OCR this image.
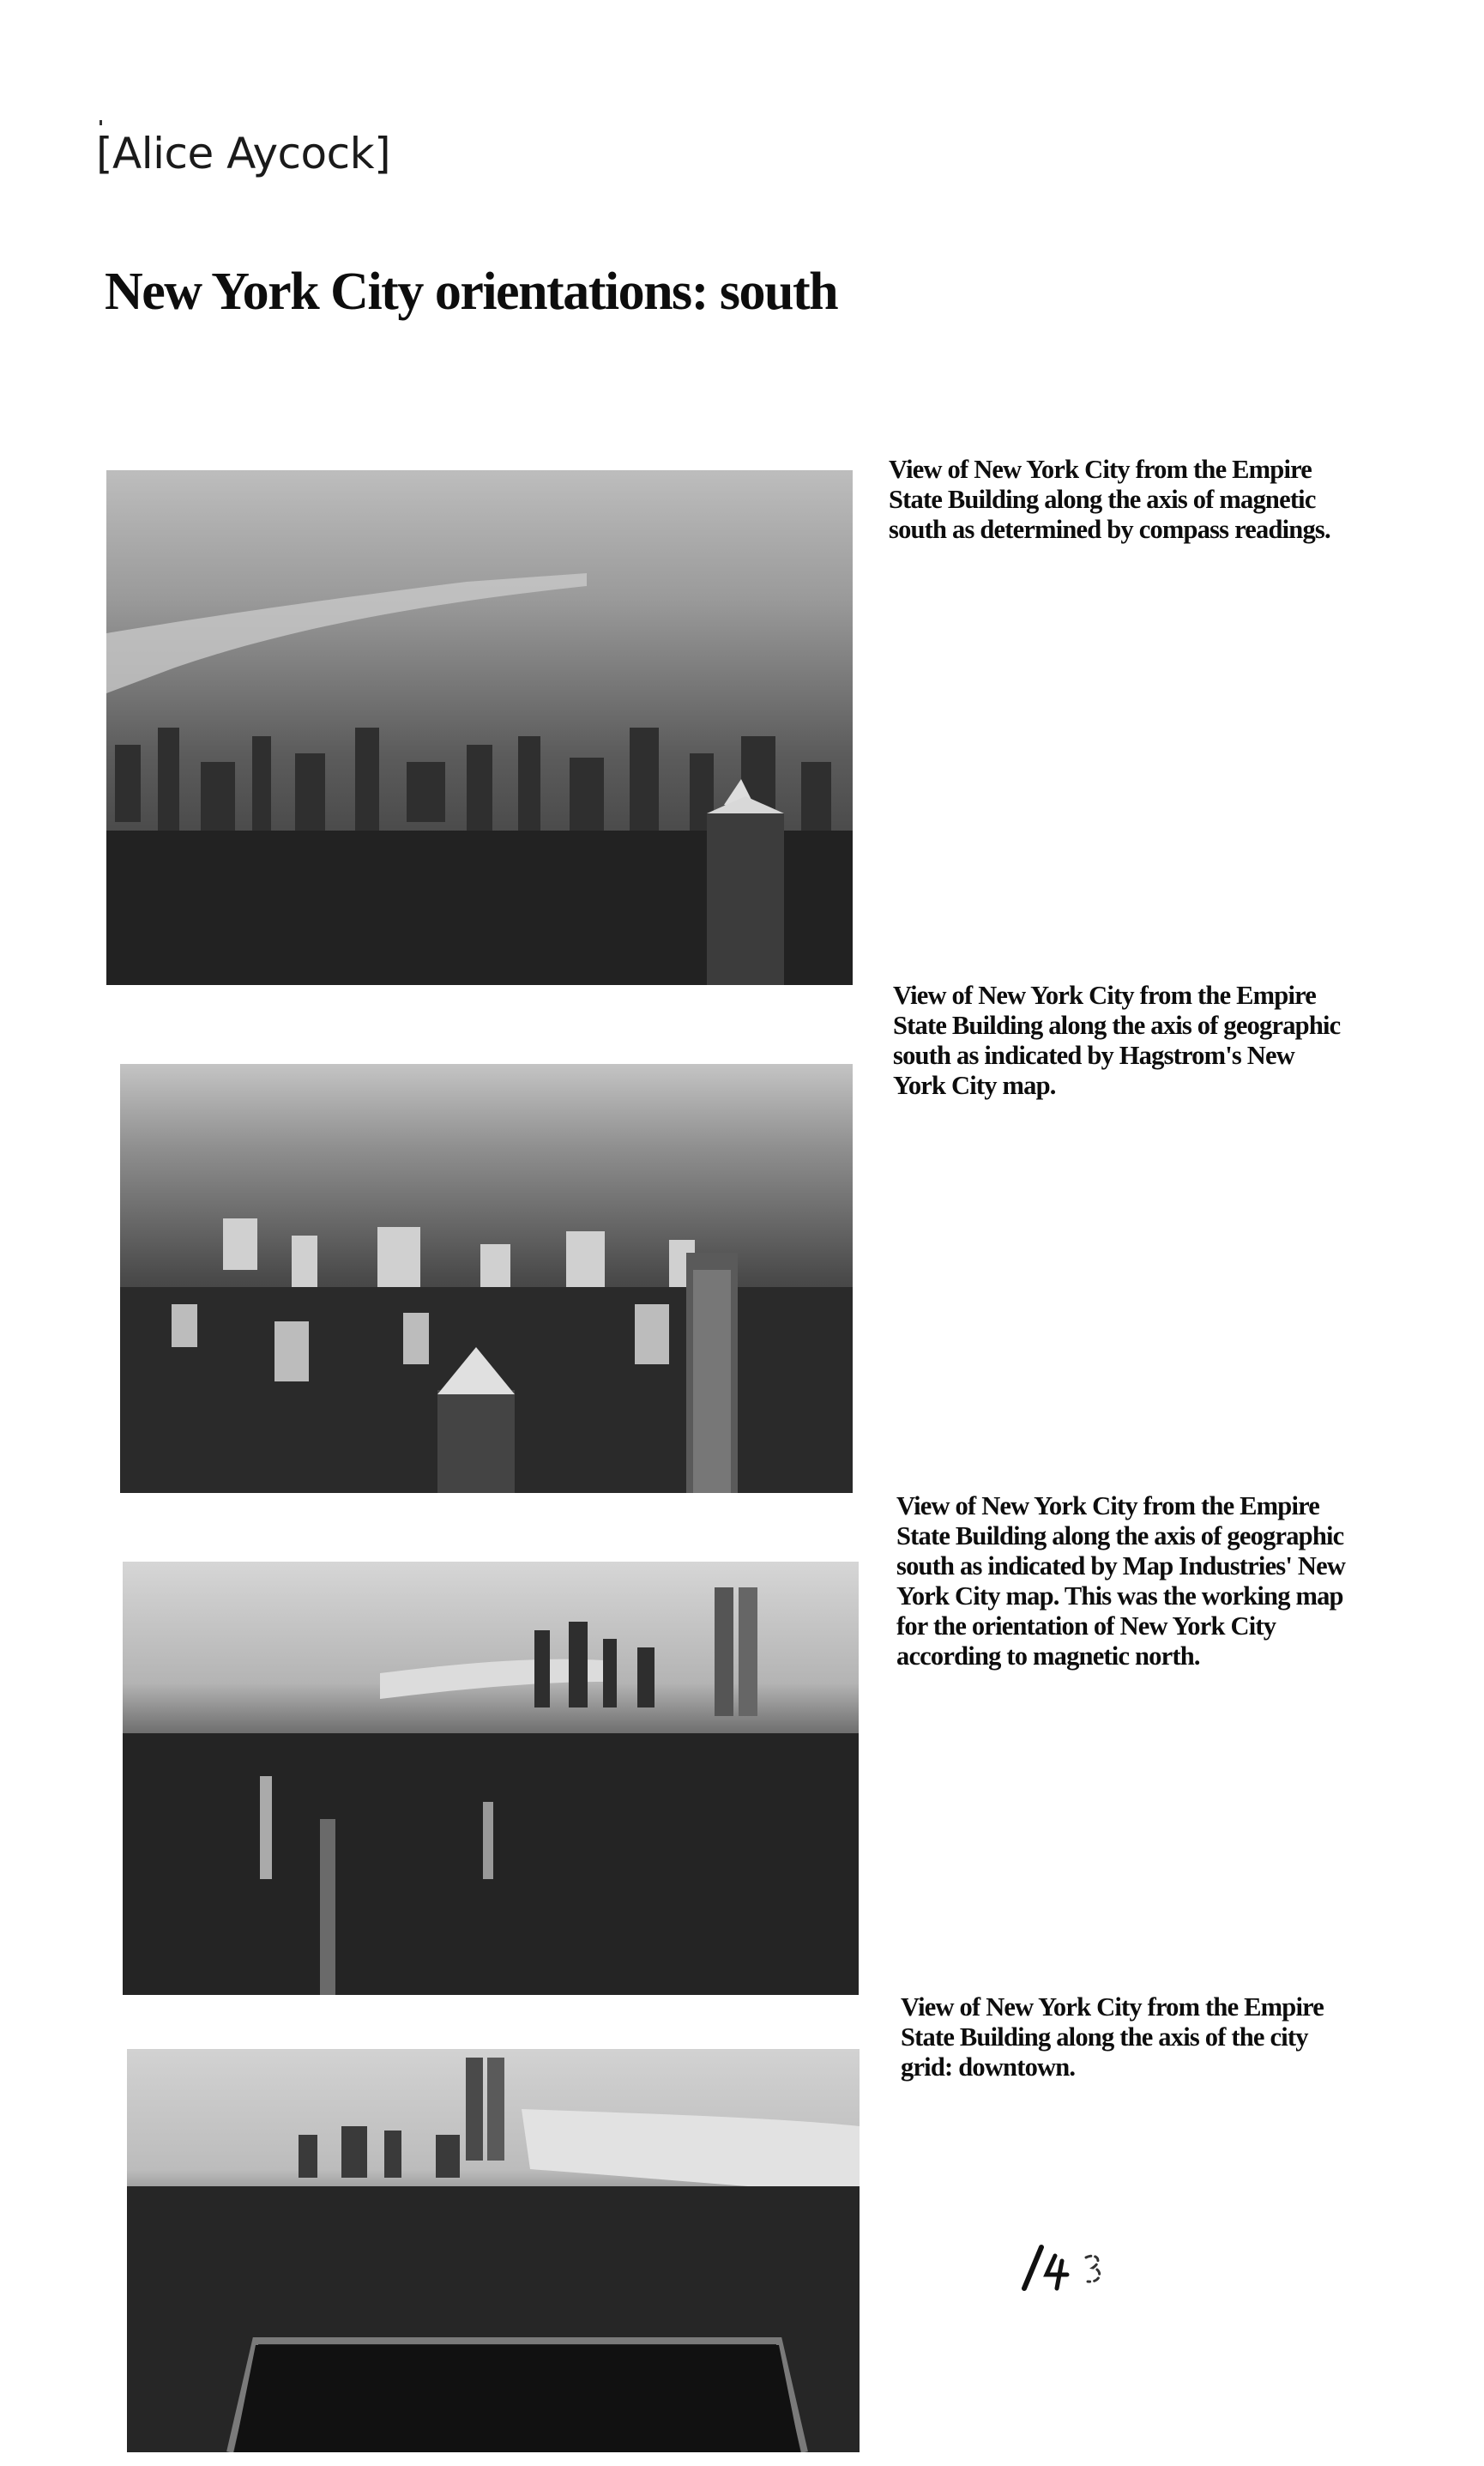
[Alice Aycock]
New York City orientations: south
View of New York City from the Empire
State Building along the axis of magnetic
south as determined by compass readings.
View of New York City from the Empire
State Building along the axis of geographic
south as indicated by Hagstrom's New
York City map.
View of New York City from the Empire
State Building along the axis of geographic
south as indicated by Map Industries' New
York City map. This was the working map
for the orientation of New York City
according to magnetic north.
View of New York City from the Empire
State Building along the axis of the city
grid: downtown.
